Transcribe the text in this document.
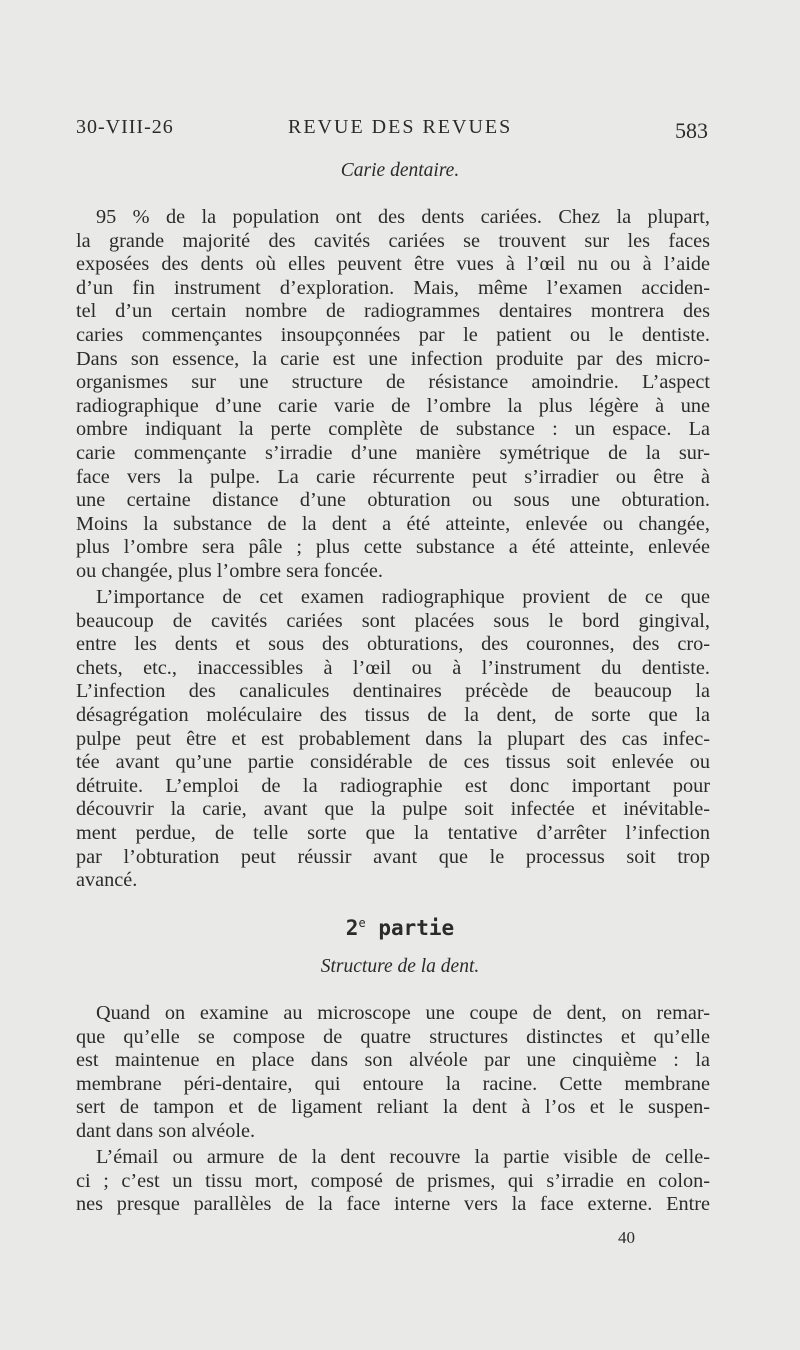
30-VIII-26	REVUE DES REVUES	583
Carie dentaire.
95 % de la population ont des dents cariées. Chez la plupart,
la grande majorité des cavités cariées se trouvent sur les faces
exposées des dents où elles peuvent être vues à l’œil nu ou à l’aide
d’un fin instrument d’exploration. Mais, même l’examen acciden-
tel d’un certain nombre de radiogrammes dentaires montrera des
caries commençantes insoupçonnées par le patient ou le dentiste.
Dans son essence, la carie est une infection produite par des micro-
organismes sur une structure de résistance amoindrie. L’aspect
radiographique d’une carie varie de l’ombre la plus légère à une
ombre indiquant la perte complète de substance : un espace. La
carie commençante s’irradie d’une manière symétrique de la sur-
face vers la pulpe. La carie récurrente peut s’irradier ou être à
une certaine distance d’une obturation ou sous une obturation.
Moins la substance de la dent a été atteinte, enlevée ou changée,
plus l’ombre sera pâle ; plus cette substance a été atteinte, enlevée
ou changée, plus l’ombre sera foncée.
L’importance de cet examen radiographique provient de ce que
beaucoup de cavités cariées sont placées sous le bord gingival,
entre les dents et sous des obturations, des couronnes, des cro-
chets, etc., inaccessibles à l’œil ou à l’instrument du dentiste.
L’infection des canalicules dentinaires précède de beaucoup la
désagrégation moléculaire des tissus de la dent, de sorte que la
pulpe peut être et est probablement dans la plupart des cas infec-
tée avant qu’une partie considérable de ces tissus soit enlevée ou
détruite. L’emploi de la radiographie est donc important pour
découvrir la carie, avant que la pulpe soit infectée et inévitable-
ment perdue, de telle sorte que la tentative d’arrêter l’infection
par l’obturation peut réussir avant que le processus soit trop
avancé.
2e partie
Structure de la dent.
Quand on examine au microscope une coupe de dent, on remar-
que qu’elle se compose de quatre structures distinctes et qu’elle
est maintenue en place dans son alvéole par une cinquième : la
membrane péri-dentaire, qui entoure la racine. Cette membrane
sert de tampon et de ligament reliant la dent à l’os et le suspen-
dant dans son alvéole.
L’émail ou armure de la dent recouvre la partie visible de celle-
ci ; c’est un tissu mort, composé de prismes, qui s’irradie en colon-
nes presque parallèles de la face interne vers la face externe. Entre
40
